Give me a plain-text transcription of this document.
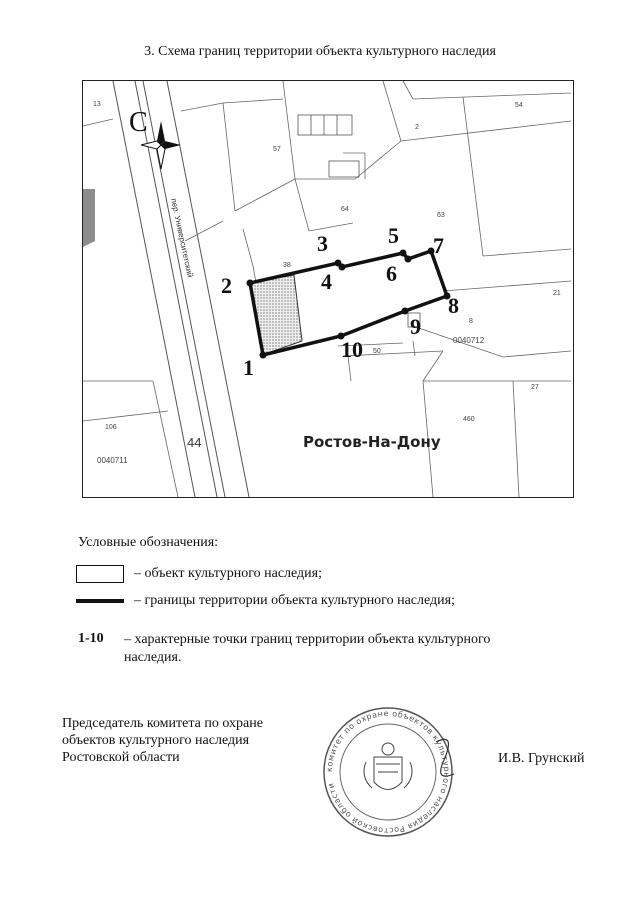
3. Схема границ территории объекта культурного наследия
1
2
3
4
5
6
7
8
9
10
13
57
2
54
64
63
38
21
8
50
27
460
106
0040712
0040711
44
пер. Университетский
Ростов-На-Дону
С
Условные обозначения:
– объект культурного наследия;
– границы территории объекта культурного наследия;
1-10 – характерные точки границ территории объекта культурного наследия.
Председатель комитета по охране
объектов культурного наследия
Ростовской области
комитет по охране объектов культурного наследия Ростовской области
И.В. Грунский
